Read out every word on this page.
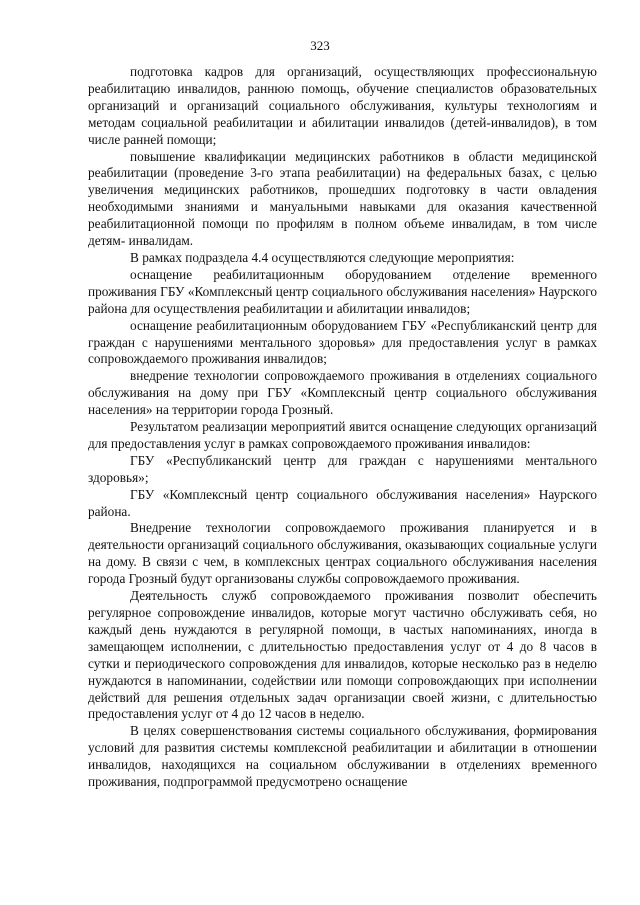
323

подготовка кадров для организаций, осуществляющих профессиональную реабилитацию инвалидов, раннюю помощь, обучение специалистов образовательных организаций и организаций социального обслуживания, культуры технологиям и методам социальной реабилитации и абилитации инвалидов (детей-инвалидов), в том числе ранней помощи;

повышение квалификации медицинских работников в области медицинской реабилитации (проведение 3-го этапа реабилитации) на федеральных базах, с целью увеличения медицинских работников, прошедших подготовку в части овладения необходимыми знаниями и мануальными навыками для оказания качественной реабилитационной помощи по профилям в полном объеме инвалидам, в том числе детям- инвалидам.

В рамках подраздела 4.4 осуществляются следующие мероприятия:

оснащение реабилитационным оборудованием отделение временного проживания ГБУ «Комплексный центр социального обслуживания населения» Наурского района для осуществления реабилитации и абилитации инвалидов;

оснащение реабилитационным оборудованием ГБУ «Республиканский центр для граждан с нарушениями ментального здоровья» для предоставления услуг в рамках сопровождаемого проживания инвалидов;

внедрение технологии сопровождаемого проживания в отделениях социального обслуживания на дому при ГБУ «Комплексный центр социального обслуживания населения» на территории города Грозный.

Результатом реализации мероприятий явится оснащение следующих организаций для предоставления услуг в рамках сопровождаемого проживания инвалидов:

ГБУ «Республиканский центр для граждан с нарушениями ментального здоровья»;

ГБУ «Комплексный центр социального обслуживания населения» Наурского района.

Внедрение технологии сопровождаемого проживания планируется и в деятельности организаций социального обслуживания, оказывающих социальные услуги на дому. В связи с чем, в комплексных центрах социального обслуживания населения города Грозный будут организованы службы сопровождаемого проживания.

Деятельность служб сопровождаемого проживания позволит обеспечить регулярное сопровождение инвалидов, которые могут частично обслуживать себя, но каждый день нуждаются в регулярной помощи, в частых напоминаниях, иногда в замещающем исполнении, с длительностью предоставления услуг от 4 до 8 часов в сутки и периодического сопровождения для инвалидов, которые несколько раз в неделю нуждаются в напоминании, содействии или помощи сопровождающих при исполнении действий для решения отдельных задач организации своей жизни, с длительностью предоставления услуг от 4 до 12 часов в неделю.

В целях совершенствования системы социального обслуживания, формирования условий для развития системы комплексной реабилитации и абилитации в отношении инвалидов, находящихся на социальном обслуживании в отделениях временного проживания, подпрограммой предусмотрено оснащение
